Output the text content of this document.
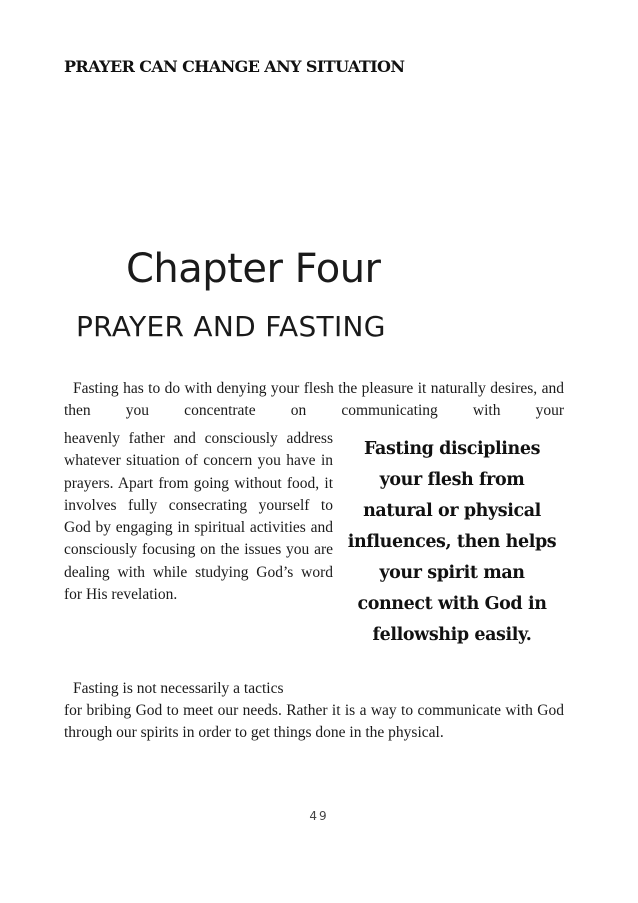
PRAYER CAN CHANGE ANY SITUATION
Chapter Four
PRAYER AND FASTING

Fasting has to do with denying your flesh the pleasure it naturally desires, and then you concentrate on communicating with your

heavenly father and consciously address whatever situation of concern you have in prayers. Apart from going without food, it involves fully consecrating yourself to God by engaging in spiritual activities and consciously focusing on the issues you are dealing with while studying God’s word for His revelation.

Fasting disciplines your flesh from natural or physical influences, then helps your spirit man connect with God in fellowship easily.

Fasting is not necessarily a tactics

for bribing God to meet our needs. Rather it is a way to communicate with God through our spirits in order to get things done in the physical.

49
